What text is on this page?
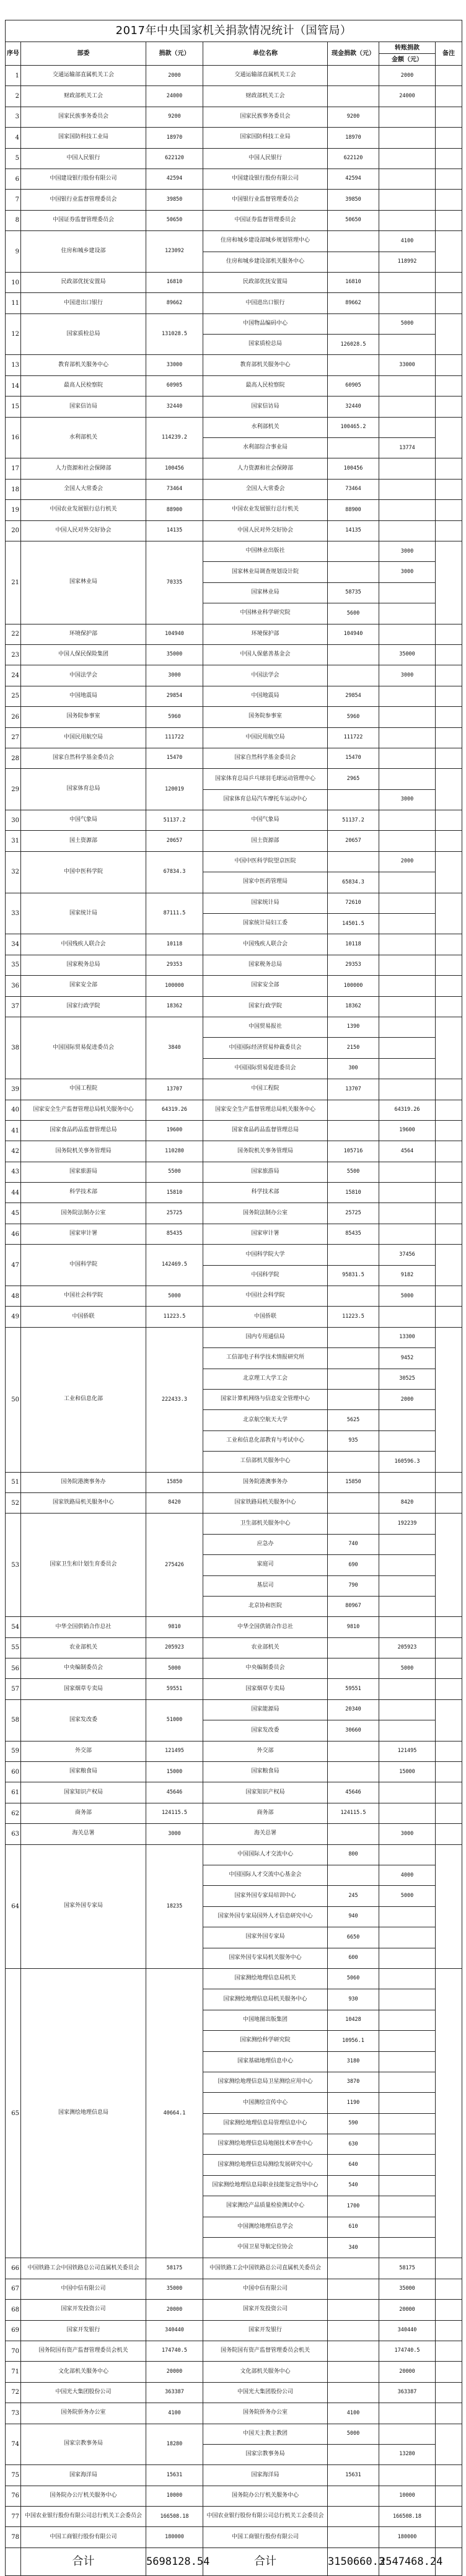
2017年中央国家机关捐款情况统计（国管局）						
序号	部委	捐款（元）	单位名称	现金捐款（元）	转账捐款	备注
					金额（元）	
1	交通运输部直属机关工会	2000	交通运输部直属机关工会		2000	
2	财政部机关工会	24000	财政部机关工会		24000	
3	国家民族事务委员会	9200	国家民族事务委员会	9200		
4	国家国防科技工业局	18970	国家国防科技工业局	18970		
5	中国人民银行	622120	中国人民银行	622120		
6	中国建设银行股份有限公司	42594	中国建设银行股份有限公司	42594		
7	中国银行业监督管理委员会	39850	中国银行业监督管理委员会	39850		
8	中国证券监督管理委员会	50650	中国证券监督管理委员会	50650		
9	住房和城乡建设部	123092	住房和城乡建设部城乡规划管理中心		4100	
			住房和城乡建设部机关服务中心		118992	
10	民政部优抚安置局	16810	民政部优抚安置局	16810		
11	中国进出口银行	89662	中国进出口银行	89662		
12	国家质检总局	131028.5	中国物品编码中心		5000	
			国家质检总局	126028.5		
13	教育部机关服务中心	33000	教育部机关服务中心		33000	
14	最高人民检察院	60905	最高人民检察院	60905		
15	国家信访局	32440	国家信访局	32440		
16	水利部机关	114239.2	水利部机关	100465.2		
			水利部综合事业局		13774	
17	人力资源和社会保障部	100456	人力资源和社会保障部	100456		
18	全国人大常委会	73464	全国人大常委会	73464		
19	中国农业发展银行总行机关	88900	中国农业发展银行总行机关	88900		
20	中国人民对外交好协会	14135	中国人民对外交好协会	14135		
21	国家林业局	70335	中国林业出版社		3000	
			国家林业局调查规划设计院		3000	
			国家林业局	58735		
			中国林业科学研究院	5600		
22	环境保护部	104940	环境保护部	104940		
23	中国人保民保险集团	35000	中国人保慈善基金会		35000	
24	中国法学会	3000	中国法学会		3000	
25	中国地震局	29854	中国地震局	29854		
26	国务院参事室	5960	国务院参事室	5960		
27	中国民用航空局	111722	中国民用航空局	111722		
28	国家自然科学基金委员会	15470	国家自然科学基金委员会	15470		
29	国家体育总局	120019	国家体育总局乒乓球羽毛球运动管理中心	2965		
			国家体育总局汽车摩托车运动中心		3000	
30	中国气象局	51137.2	中国气象局	51137.2		
31	国土资源部	20657	国土资源部	20657		
32	中国中医科学院	67834.3	中国中医科学院望京医院		2000	
			国家中医药管理局	65834.3		
33	国家统计局	87111.5	国家统计局	72610		
			国家统计局妇工委	14501.5		
34	中国残疾人联合会	10118	中国残疾人联合会	10118		
35	国家税务总局	29353	国家税务总局	29353		
36	国家安全部	100000	国家安全部	100000		
37	国家行政学院	18362	国家行政学院	18362		
38	中国国际贸易促进委员会	3840	中国贸易报社	1390		
			中国国际经济贸易仲裁委员会	2150		
			中国国际贸易促进委员会	300		
39	中国工程院	13707	中国工程院	13707		
40	国家安全生产监督管理总局机关服务中心	64319.26	国家安全生产监督管理总局机关服务中心		64319.26	
41	国家食品药品监督管理总局	19600	国家食品药品监督管理总局		19600	
42	国务院机关事务管理局	110280	国务院机关事务管理局	105716	4564	
43	国家旅游局	5500	国家旅游局	5500		
44	科学技术部	15810	科学技术部	15810		
45	国务院法制办公室	25725	国务院法制办公室	25725		
46	国家审计署	85435	国家审计署	85435		
47	中国科学院	142469.5	中国科学院大学		37456	
			中国科学院	95831.5	9182	
48	中国社会科学院	5000	中国社会科学院		5000	
49	中国侨联	11223.5	中国侨联	11223.5		
50	工业和信息化部	222433.3	国内专用通信局		13300	
			工信部电子科学技术情报研究所		9452	
			北京理工大学工会		30525	
			国家计算机网络与信息安全管理中心		2000	
			北京航空航天大学	5625		
			工业和信息化部教育与考试中心	935		
			工信部机关服务中心		160596.3	
51	国务院港澳事务办	15850	国务院港澳事务办	15850		
52	国家铁路局机关服务中心	8420	国家铁路局机关服务中心		8420	
53	国家卫生和计划生育委员会	275426	卫生部机关服务中心		192239	
			应急办	740		
			家庭司	690		
			基层司	790		
			北京协和医院	80967		
54	中华全国供销合作总社	9810	中华全国供销合作总社	9810		
55	农业部机关	205923	农业部机关		205923	
56	中央编制委员会	5000	中央编制委员会		5000	
57	国家烟草专卖局	59551	国家烟草专卖局	59551		
58	国家发改委	51000	国家能源局	20340		
			国家发改委	30660		
59	外交部	121495	外交部		121495	
60	国家粮食局	15000	国家粮食局		15000	
61	国家知识产权局	45646	国家知识产权局	45646		
62	商务部	124115.5	商务部	124115.5		
63	海关总署	3000	海关总署		3000	
64	国家外国专家局	18235	中国国际人才交流中心	800		
			中国国际人才交流中心基金会		4000	
			国家外国专家局培训中心	245	5000	
			国家外国专家局国外人才信息研究中心	940		
			国家外国专家局	6650		
			国家外国专家局机关服务中心	600		
65	国家测绘地理信息局	40664.1	国家测绘地理信息局机关	5060		
			国家测绘地理信息局机关服务中心	930		
			中国地图出版集团	10428		
			国家测绘科学研究院	10956.1		
			国家基础地理信息中心	3180		
			国家测绘地理信息局卫星测绘应用中心	3870		
			中国测绘宣传中心	1190		
			国家测绘地理信息局管理信息中心	590		
			国家测绘地理信息局地图技术审查中心	630		
			国家测绘地理信息局测绘发展研究中心	640		
			国家测绘地理信息局职业技能鉴定指导中心	540		
			国家测绘产品质量检验测试中心	1700		
			中国测绘地理信息学会	610		
			中国卫星导航定位协会	340		
66	中国铁路工会中国铁路总公司直属机关委员会	58175	中国铁路工会中国铁路总公司直属机关委员会		58175	
67	中国中信有限公司	35000	中国中信有限公司		35000	
68	国家开发投资公司	20000	国家开发投资公司		20000	
69	国家开发银行	340440	国家开发银行		340440	
70	国务院国有资产监督管理委员会机关	174740.5	国务院国有资产监督管理委员会机关		174740.5	
71	文化部机关服务中心	20000	文化部机关服务中心		20000	
72	中国光大集团股份公司	363387	中国光大集团股份公司		363387	
73	国务院侨务办公室	4100	国务院侨务办公室	4100		
74	国家宗教事务局	18280	中国天主教主教团	5000		
			国家宗教事务局		13280	
75	国家海洋局	15631	国家海洋局	15631		
76	国务院办公厅机关服务中心	10000	国务院办公厅机关服务中心		10000	
77	中国农业银行股份有限公司总行机关工会委员会	166508.18	中国农业银行股份有限公司总行机关工会委员会		166508.18	
78	中国工商银行股份有限公司	180000	中国工商银行股份有限公司		180000	
	合计	5698128.54	合计	3150660.3	2547468.24	
